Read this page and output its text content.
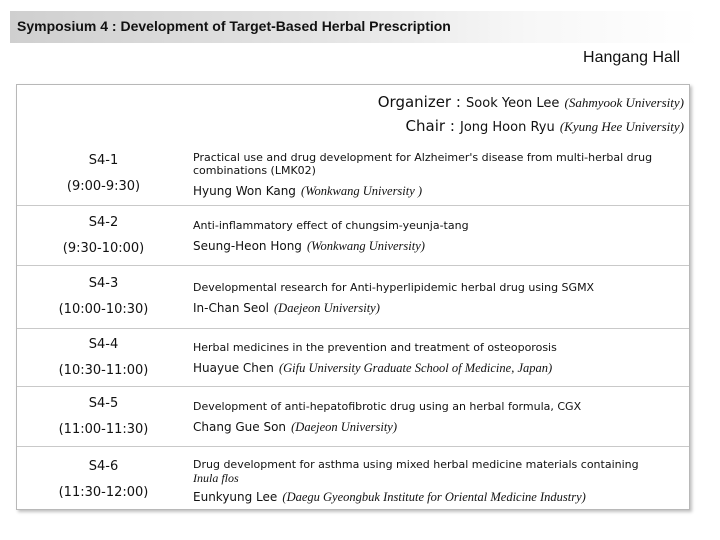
Symposium 4 : Development of Target-Based Herbal Prescription
Hangang Hall
Organizer : Sook Yeon Lee (Sahmyook University)
Chair : Jong Hoon Ryu (Kyung Hee University)
S4-1
(9:00-9:30)
Practical use and drug development for Alzheimer's disease from multi-herbal drug combinations (LMK02)
Hyung Won Kang (Wonkwang University )
S4-2
(9:30-10:00)
Anti-inflammatory effect of chungsim-yeunja-tang
Seung-Heon Hong (Wonkwang University)
S4-3
(10:00-10:30)
Developmental research for Anti-hyperlipidemic herbal drug using SGMX
In-Chan Seol (Daejeon University)
S4-4
(10:30-11:00)
Herbal medicines in the prevention and treatment of osteoporosis
Huayue Chen (Gifu University Graduate School of Medicine, Japan)
S4-5
(11:00-11:30)
Development of anti-hepatofibrotic drug using an herbal formula, CGX
Chang Gue Son (Daejeon University)
S4-6
(11:30-12:00)
Drug development for asthma using mixed herbal medicine materials containing
Inula flos
Eunkyung Lee (Daegu Gyeongbuk Institute for Oriental Medicine Industry)
